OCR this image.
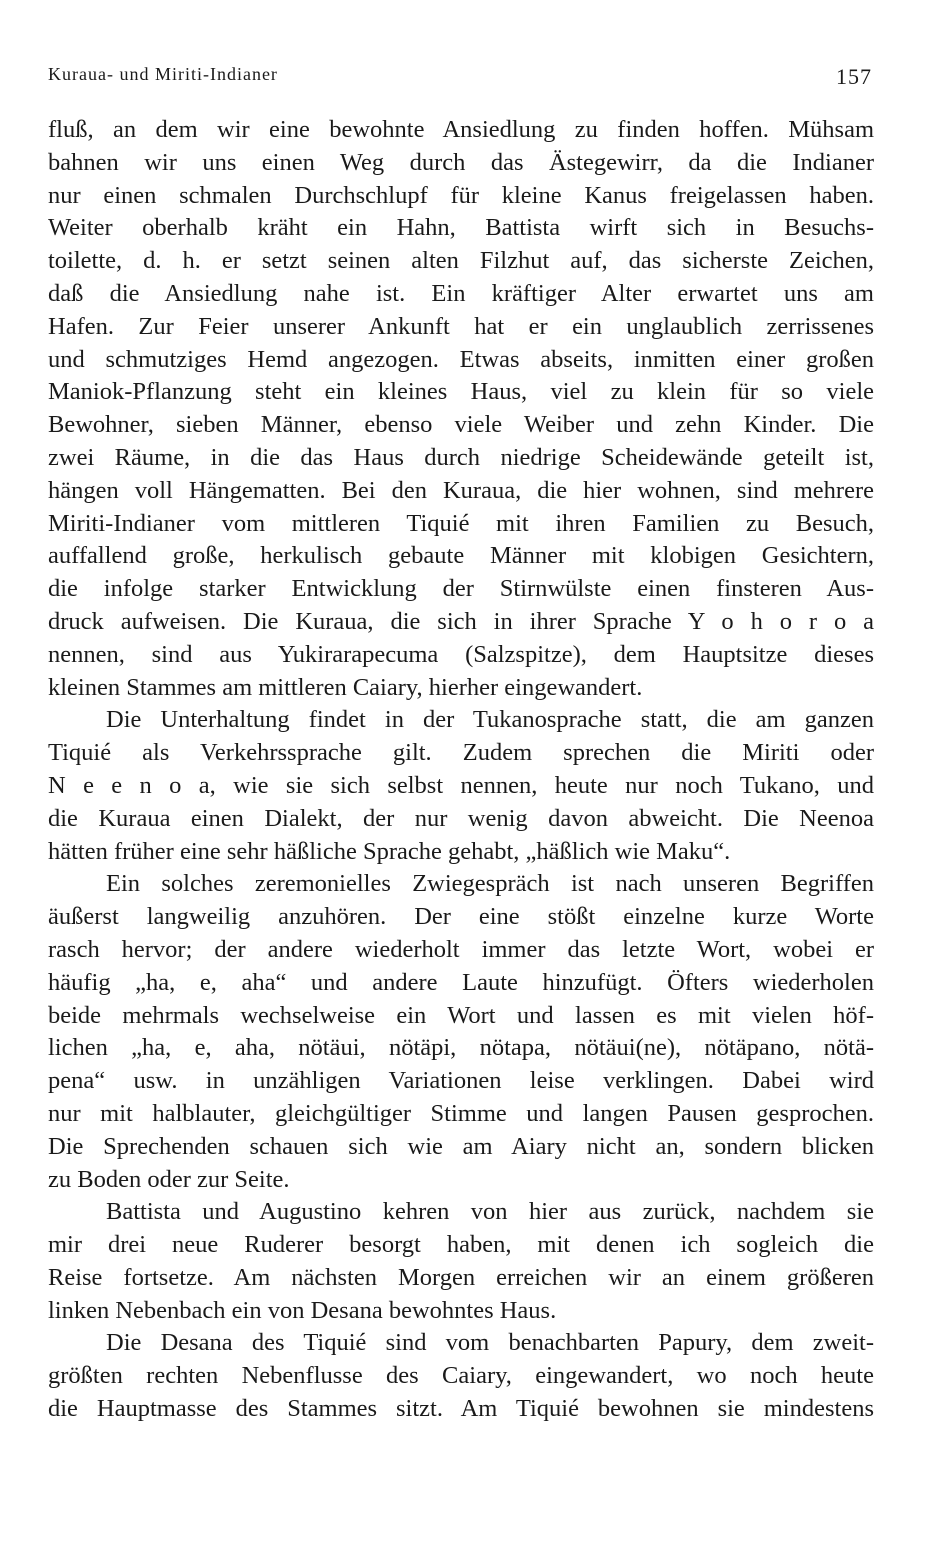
Kuraua- und Miriti-Indianer	157
fluß, an dem wir eine bewohnte Ansiedlung zu finden hoffen. Mühsam
bahnen wir uns einen Weg durch das Ästegewirr, da die Indianer
nur einen schmalen Durchschlupf für kleine Kanus freigelassen haben.
Weiter oberhalb kräht ein Hahn, Battista wirft sich in Besuchs-
toilette, d. h. er setzt seinen alten Filzhut auf, das sicherste Zeichen,
daß die Ansiedlung nahe ist. Ein kräftiger Alter erwartet uns am
Hafen. Zur Feier unserer Ankunft hat er ein unglaublich zerrissenes
und schmutziges Hemd angezogen. Etwas abseits, inmitten einer großen
Maniok-Pflanzung steht ein kleines Haus, viel zu klein für so viele
Bewohner, sieben Männer, ebenso viele Weiber und zehn Kinder. Die
zwei Räume, in die das Haus durch niedrige Scheidewände geteilt ist,
hängen voll Hängematten. Bei den Kuraua, die hier wohnen, sind mehrere
Miriti-Indianer vom mittleren Tiquié mit ihren Familien zu Besuch,
auffallend große, herkulisch gebaute Männer mit klobigen Gesichtern,
die infolge starker Entwicklung der Stirnwülste einen finsteren Aus-
druck aufweisen. Die Kuraua, die sich in ihrer Sprache Y o h o r o a
nennen, sind aus Yukirarapecuma (Salzspitze), dem Hauptsitze dieses
kleinen Stammes am mittleren Caiary, hierher eingewandert.
Die Unterhaltung findet in der Tukanosprache statt, die am ganzen
Tiquié als Verkehrssprache gilt. Zudem sprechen die Miriti oder
N e e n o a, wie sie sich selbst nennen, heute nur noch Tukano, und
die Kuraua einen Dialekt, der nur wenig davon abweicht. Die Neenoa
hätten früher eine sehr häßliche Sprache gehabt, „häßlich wie Maku“.
Ein solches zeremonielles Zwiegespräch ist nach unseren Begriffen
äußerst langweilig anzuhören. Der eine stößt einzelne kurze Worte
rasch hervor; der andere wiederholt immer das letzte Wort, wobei er
häufig „ha, e, aha“ und andere Laute hinzufügt. Öfters wiederholen
beide mehrmals wechselweise ein Wort und lassen es mit vielen höf-
lichen „ha, e, aha, nötäui, nötäpi, nötapa, nötäui(ne), nötäpano, nötä-
pena“ usw. in unzähligen Variationen leise verklingen. Dabei wird
nur mit halblauter, gleichgültiger Stimme und langen Pausen gesprochen.
Die Sprechenden schauen sich wie am Aiary nicht an, sondern blicken
zu Boden oder zur Seite.
Battista und Augustino kehren von hier aus zurück, nachdem sie
mir drei neue Ruderer besorgt haben, mit denen ich sogleich die
Reise fortsetze. Am nächsten Morgen erreichen wir an einem größeren
linken Nebenbach ein von Desana bewohntes Haus.
Die Desana des Tiquié sind vom benachbarten Papury, dem zweit-
größten rechten Nebenflusse des Caiary, eingewandert, wo noch heute
die Hauptmasse des Stammes sitzt. Am Tiquié bewohnen sie mindestens
